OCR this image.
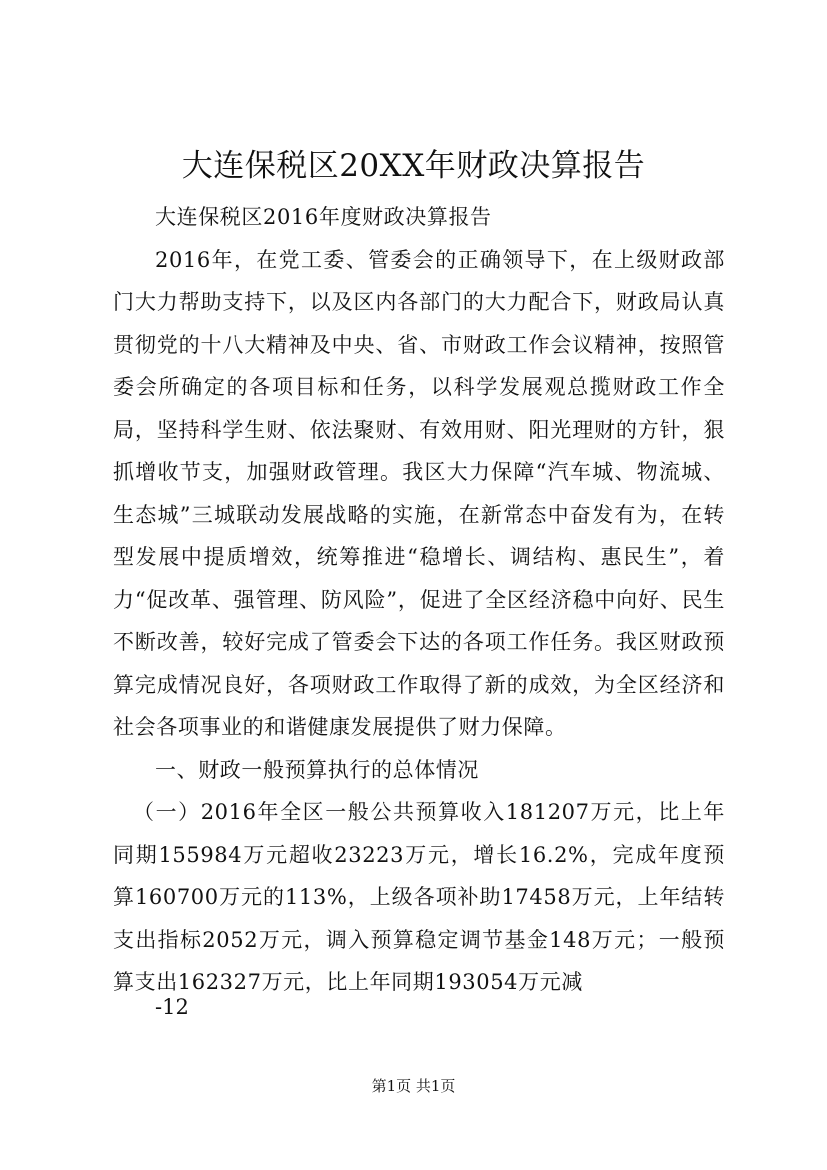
大连保税区20XX年财政决算报告

大连保税区2016年度财政决算报告

2016年，在党工委、管委会的正确领导下，在上级财政部门大力帮助支持下，以及区内各部门的大力配合下，财政局认真贯彻党的十八大精神及中央、省、市财政工作会议精神，按照管委会所确定的各项目标和任务，以科学发展观总揽财政工作全局，坚持科学生财、依法聚财、有效用财、阳光理财的方针，狠抓增收节支，加强财政管理。我区大力保障“汽车城、物流城、生态城”三城联动发展战略的实施，在新常态中奋发有为，在转型发展中提质增效，统筹推进“稳增长、调结构、惠民生”，着力“促改革、强管理、防风险”，促进了全区经济稳中向好、民生不断改善，较好完成了管委会下达的各项工作任务。我区财政预算完成情况良好，各项财政工作取得了新的成效，为全区经济和社会各项事业的和谐健康发展提供了财力保障。

一、财政一般预算执行的总体情况

（一）2016年全区一般公共预算收入181207万元，比上年同期155984万元超收23223万元，增长16.2%，完成年度预算160700万元的113%，上级各项补助17458万元，上年结转支出指标2052万元，调入预算稳定调节基金148万元；一般预算支出162327万元，比上年同期193054万元减

-12
第1页 共1页
